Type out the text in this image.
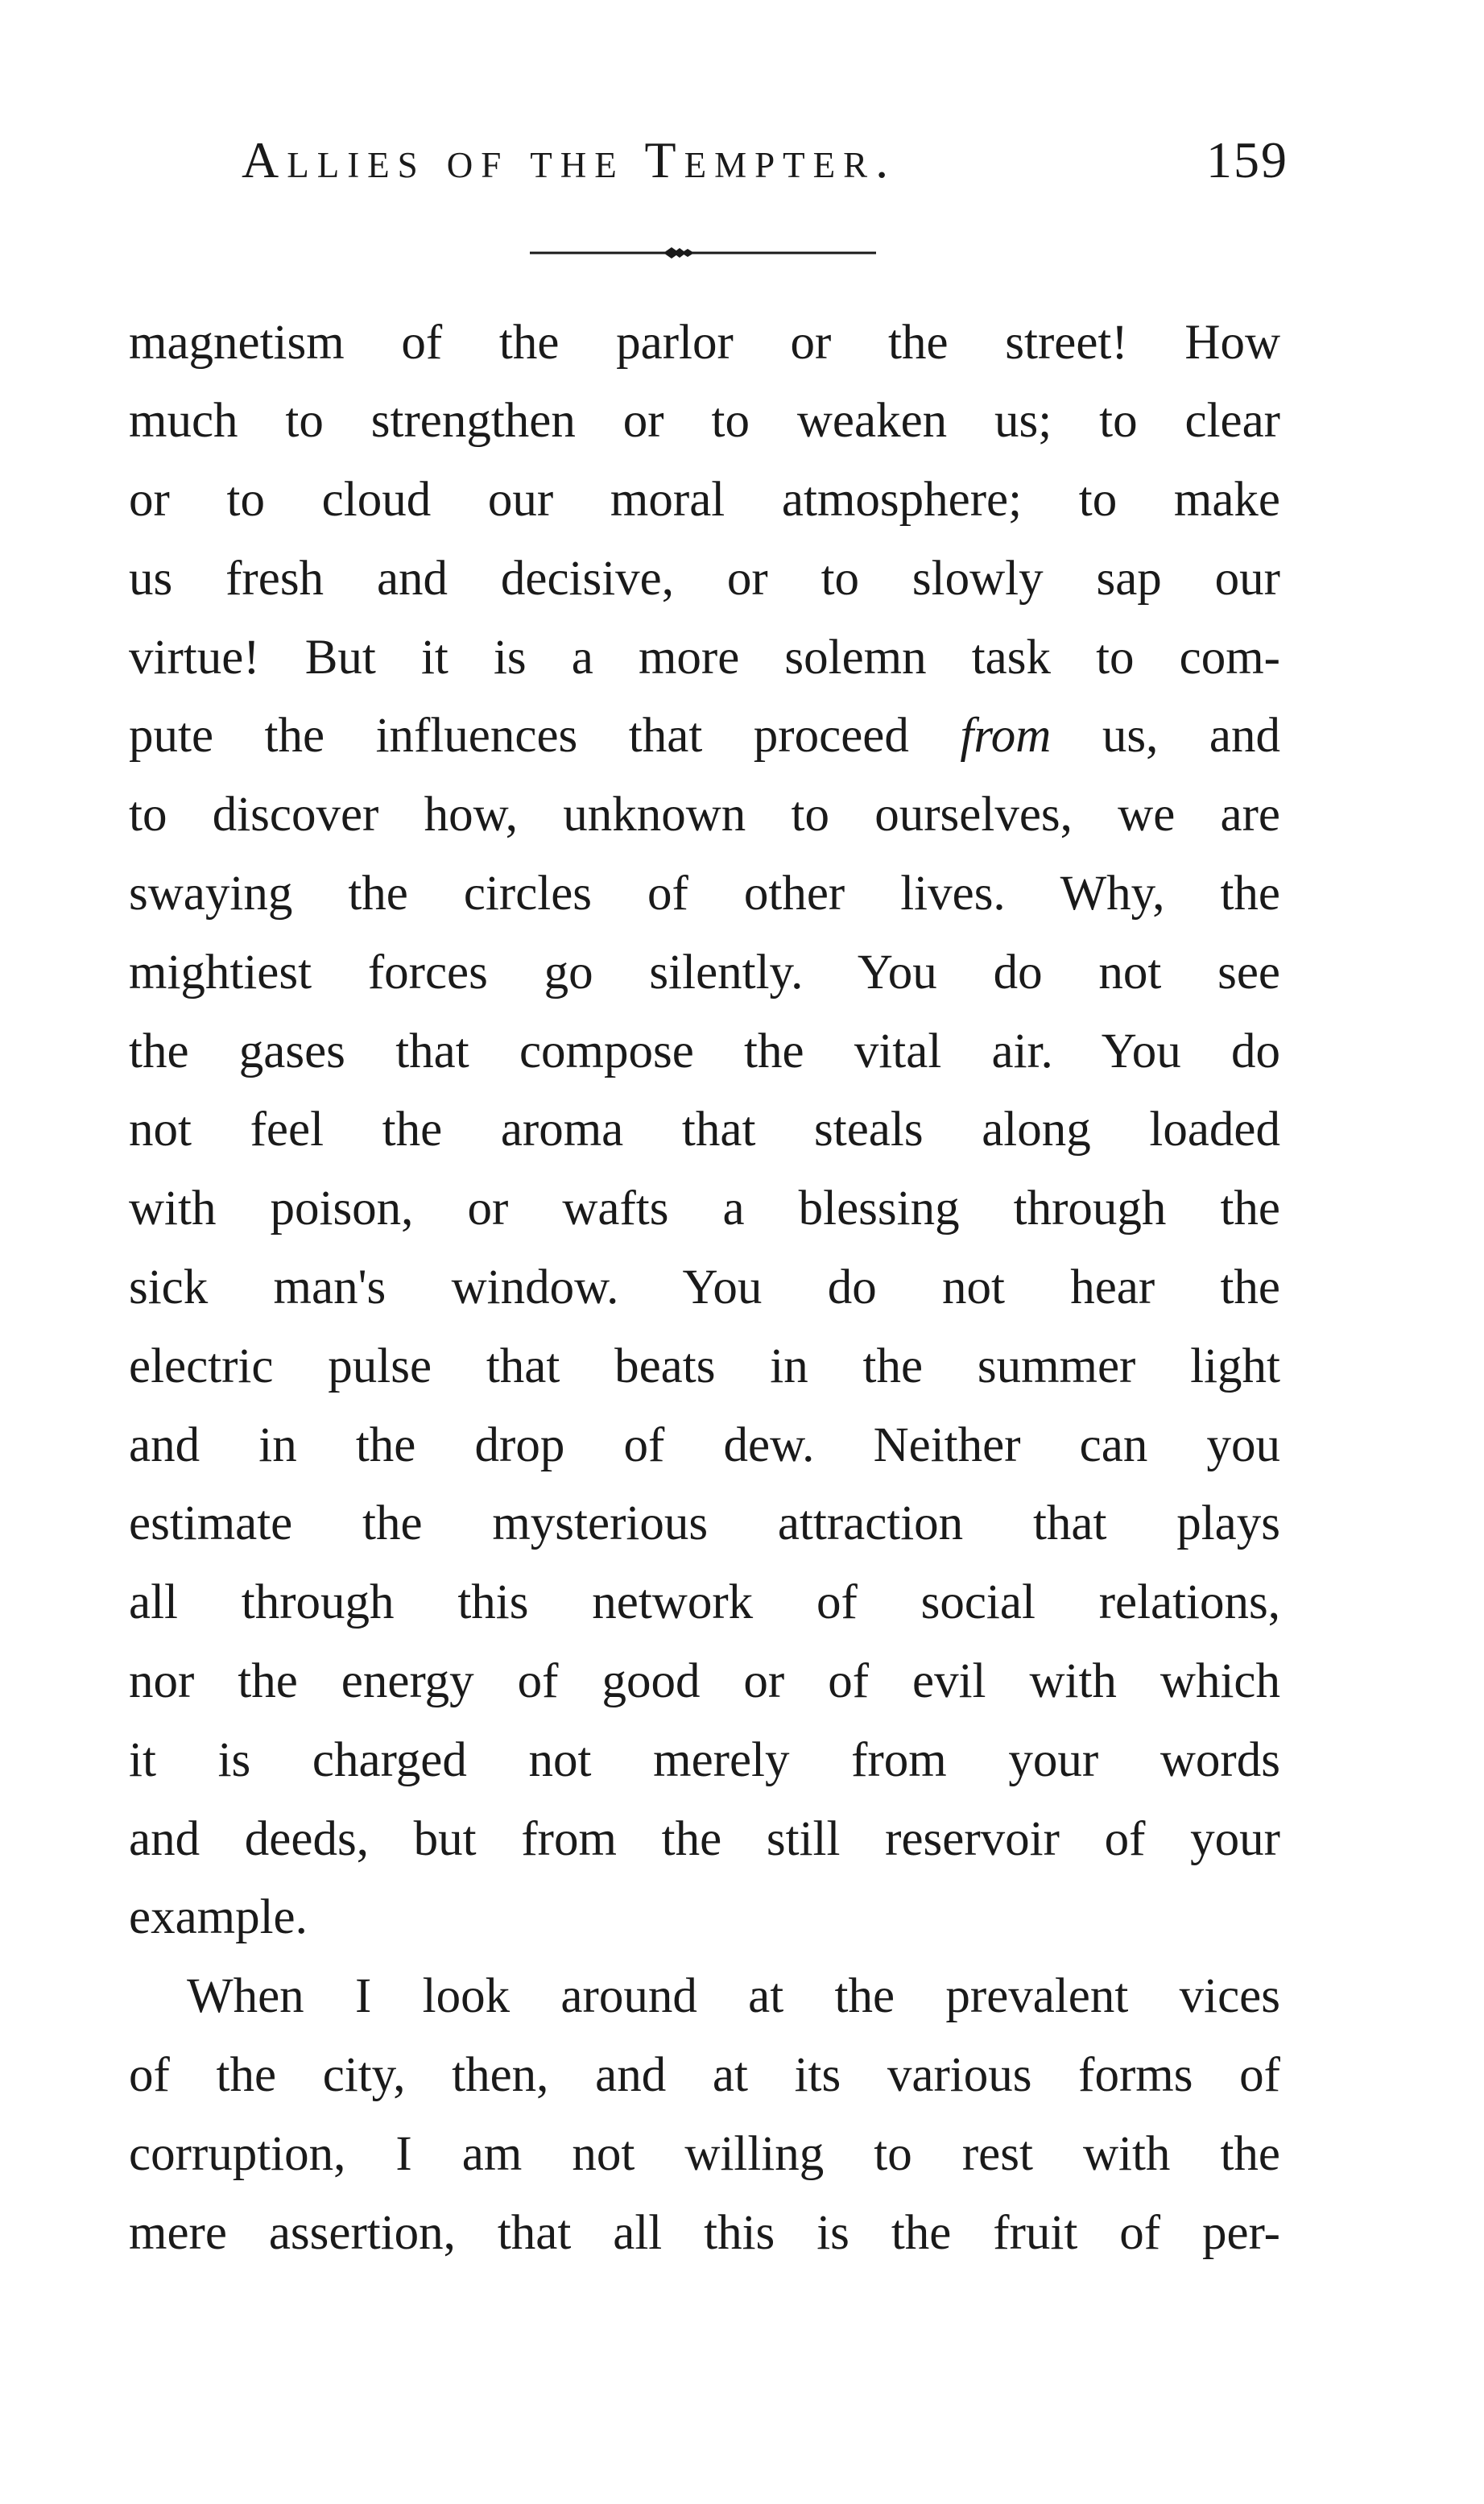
Allies of the Tempter.	159
magnetism of the parlor or the street! How
much to strengthen or to weaken us; to clear
or to cloud our moral atmosphere; to make
us fresh and decisive, or to slowly sap our
virtue! But it is a more solemn task to com-
pute the influences that proceed from us, and
to discover how, unknown to ourselves, we are
swaying the circles of other lives. Why, the
mightiest forces go silently. You do not see
the gases that compose the vital air. You do
not feel the aroma that steals along loaded
with poison, or wafts a blessing through the
sick man's window. You do not hear the
electric pulse that beats in the summer light
and in the drop of dew. Neither can you
estimate the mysterious attraction that plays
all through this network of social relations,
nor the energy of good or of evil with which
it is charged not merely from your words
and deeds, but from the still reservoir of your
example.
When I look around at the prevalent vices
of the city, then, and at its various forms of
corruption, I am not willing to rest with the
mere assertion, that all this is the fruit of per-
